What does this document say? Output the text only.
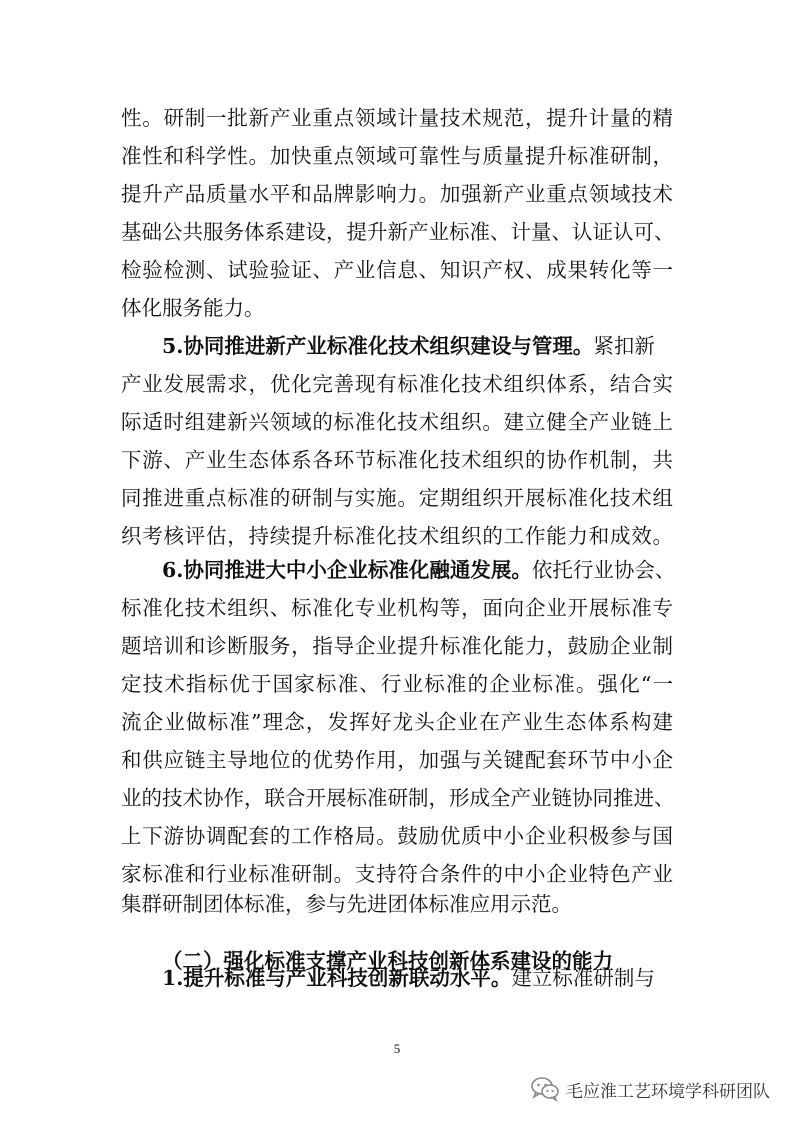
性。研制一批新产业重点领域计量技术规范，提升计量的精

准性和科学性。加快重点领域可靠性与质量提升标准研制，

提升产品质量水平和品牌影响力。加强新产业重点领域技术

基础公共服务体系建设，提升新产业标准、计量、认证认可、

检验检测、试验验证、产业信息、知识产权、成果转化等一

体化服务能力。

5.协同推进新产业标准化技术组织建设与管理。紧扣新

产业发展需求，优化完善现有标准化技术组织体系，结合实

际适时组建新兴领域的标准化技术组织。建立健全产业链上

下游、产业生态体系各环节标准化技术组织的协作机制，共

同推进重点标准的研制与实施。定期组织开展标准化技术组

织考核评估，持续提升标准化技术组织的工作能力和成效。

6.协同推进大中小企业标准化融通发展。依托行业协会、

标准化技术组织、标准化专业机构等，面向企业开展标准专

题培训和诊断服务，指导企业提升标准化能力，鼓励企业制

定技术指标优于国家标准、行业标准的企业标准。强化“一

流企业做标准”理念，发挥好龙头企业在产业生态体系构建

和供应链主导地位的优势作用，加强与关键配套环节中小企

业的技术协作，联合开展标准研制，形成全产业链协同推进、

上下游协调配套的工作格局。鼓励优质中小企业积极参与国

家标准和行业标准研制。支持符合条件的中小企业特色产业

集群研制团体标准，参与先进团体标准应用示范。

（二）强化标准支撑产业科技创新体系建设的能力

1.提升标准与产业科技创新联动水平。建立标准研制与

5
毛应淮工艺环境学科研团队
